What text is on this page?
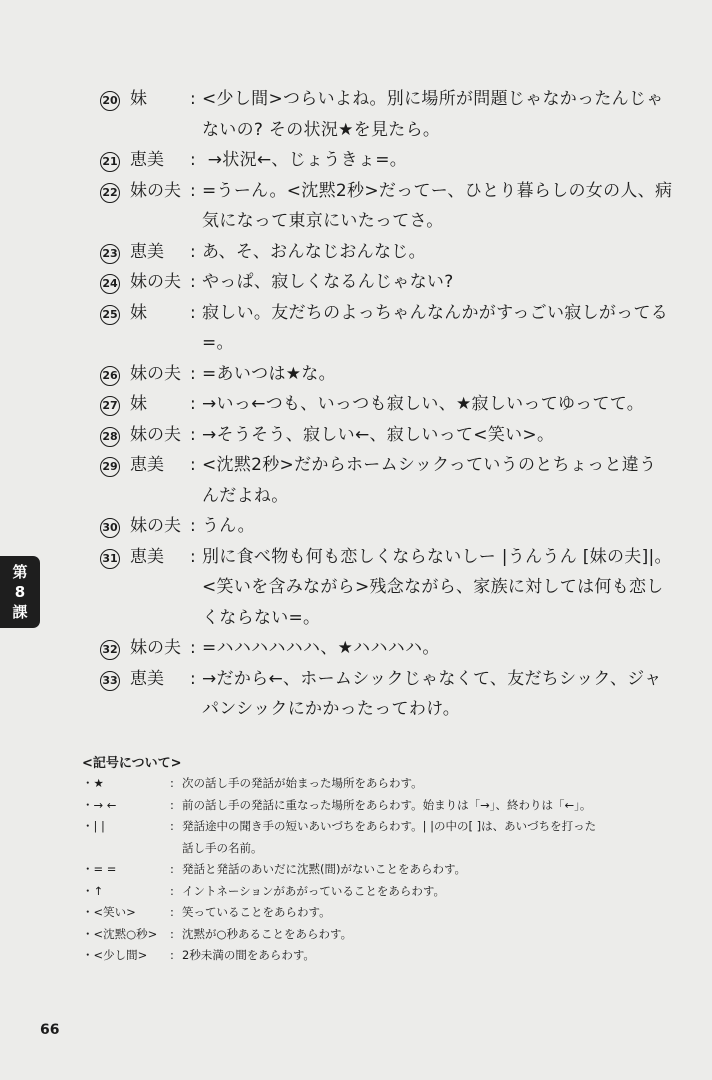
20 妹	: <少し間>つらいよね。別に場所が問題じゃなかったんじゃ
ないの? その状況★を見たら。
21 恵美	: →状況←、じょうきょ=。
22 妹の夫 : =うーん。<沈黙2秒>だってー、ひとり暮らしの女の人、病
気になって東京にいたってさ。
23 恵美	: あ、そ、おんなじおんなじ。
24 妹の夫 : やっぱ、寂しくなるんじゃない?
25 妹	: 寂しい。友だちのよっちゃんなんかがすっごい寂しがってる=。
26 妹の夫 : =あいつは★な。
27 妹	: →いっ←つも、いっつも寂しい、★寂しいってゆってて。
28 妹の夫 : →そうそう、寂しい←、寂しいって<笑い>。
29 恵美	: <沈黙2秒>だからホームシックっていうのとちょっと違う
んだよね。
30 妹の夫 : うん。
31 恵美	: 別に食べ物も何も恋しくならないしー |うんうん [妹の夫]|。
<笑いを含みながら>残念ながら、家族に対しては何も恋し
くならない=。
32 妹の夫 : =ハハハハハハ、★ハハハハ。
33 恵美	: →だから←、ホームシックじゃなくて、友だちシック、ジャ
パンシックにかかったってわけ。
第
8
課
<記号について>
・★	: 次の話し手の発話が始まった場所をあらわす。
・→ ←	: 前の話し手の発話に重なった場所をあらわす。始まりは「→」、終わりは「←」。
・| |	: 発話途中の聞き手の短いあいづちをあらわす。| |の中の[ ]は、あいづちを打った
話し手の名前。
・= =	: 発話と発話のあいだに沈黙(間)がないことをあらわす。
・↑	: イントネーションがあがっていることをあらわす。
・<笑い>	: 笑っていることをあらわす。
・<沈黙○秒>	: 沈黙が○秒あることをあらわす。
・<少し間>	: 2秒未満の間をあらわす。
66
